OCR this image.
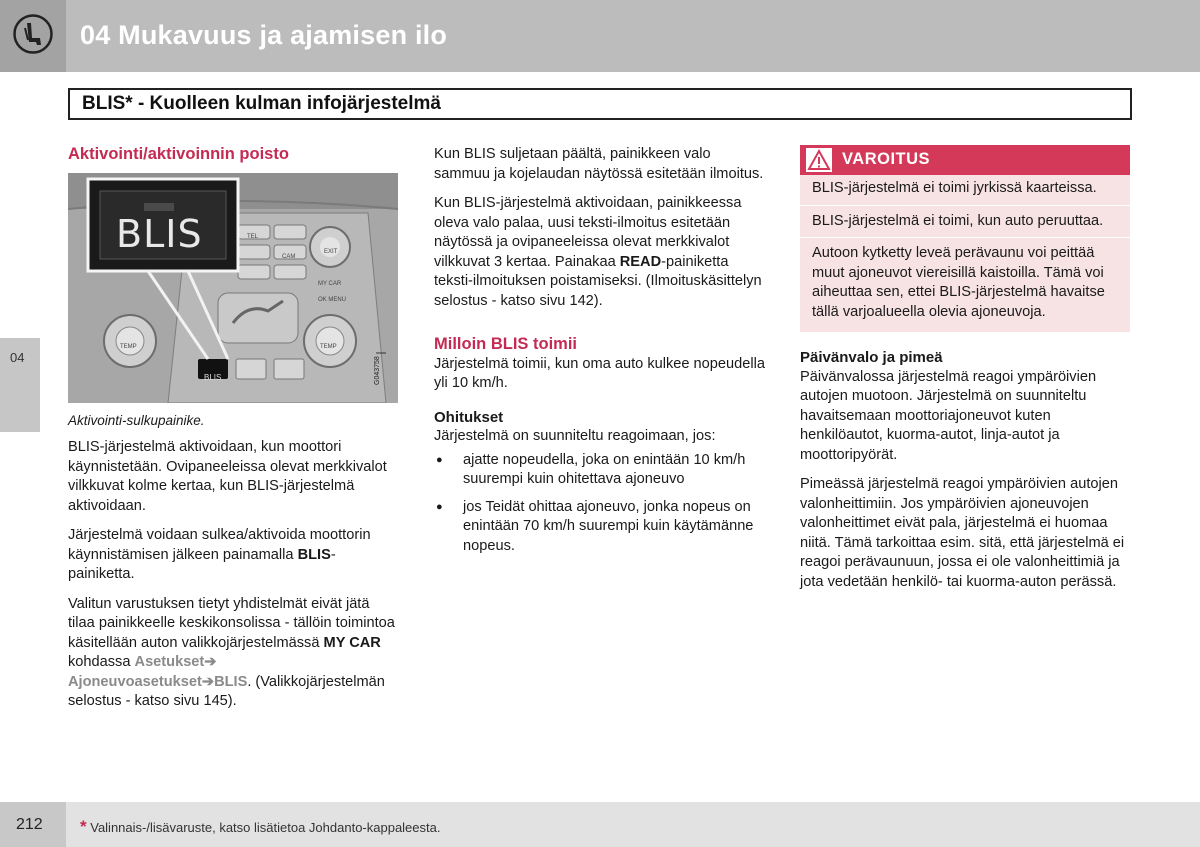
04 Mukavuus ja ajamisen ilo
BLIS* - Kuolleen kulman infojärjestelmä
04
Aktivointi/aktivoinnin poisto
BLIS
BLIS
TEL
CAM
MY CAR
EXIT
OK MENU
TEMP	TEMP
G043758
Aktivointi-sulkupainike.

BLIS-järjestelmä aktivoidaan, kun moottori käynnistetään. Ovipaneeleissa olevat merkkivalot vilkkuvat kolme kertaa, kun BLIS-järjestelmä aktivoidaan.

Järjestelmä voidaan sulkea/aktivoida moottorin käynnistämisen jälkeen painamalla BLIS-painiketta.

Valitun varustuksen tietyt yhdistelmät eivät jätä tilaa painikkeelle keskikonsolissa - tällöin toimintoa käsitellään auton valikkojärjestelmässä MY CAR kohdassa Asetukset➔ Ajoneuvoasetukset➔BLIS. (Valikkojärjestelmän selostus - katso sivu 145).

Kun BLIS suljetaan päältä, painikkeen valo sammuu ja kojelaudan näytössä esitetään ilmoitus.

Kun BLIS-järjestelmä aktivoidaan, painikkeessa oleva valo palaa, uusi teksti-ilmoitus esitetään näytössä ja ovipaneeleissa olevat merkkivalot vilkkuvat 3 kertaa. Painakaa READ-painiketta teksti-ilmoituksen poistamiseksi. (Ilmoituskäsittelyn selostus - katso sivu 142).

Milloin BLIS toimii

Järjestelmä toimii, kun oma auto kulkee nopeudella yli 10 km/h.

Ohitukset

Järjestelmä on suunniteltu reagoimaan, jos:

● ajatte nopeudella, joka on enintään 10 km/h suurempi kuin ohitettava ajoneuvo
● jos Teidät ohittaa ajoneuvo, jonka nopeus on enintään 70 km/h suurempi kuin käytämänne nopeus.
VAROITUS

BLIS-järjestelmä ei toimi jyrkissä kaarteissa.

BLIS-järjestelmä ei toimi, kun auto peruuttaa.

Autoon kytketty leveä perävaunu voi peittää muut ajoneuvot viereisillä kaistoilla. Tämä voi aiheuttaa sen, ettei BLIS-järjestelmä havaitse tällä varjoalueella olevia ajoneuvoja.

Päivänvalo ja pimeä

Päivänvalossa järjestelmä reagoi ympäröivien autojen muotoon. Järjestelmä on suunniteltu havaitsemaan moottoriajoneuvot kuten henkilöautot, kuorma-autot, linja-autot ja moottoripyörät.

Pimeässä järjestelmä reagoi ympäröivien autojen valonheittimiin. Jos ympäröivien ajoneuvojen valonheittimet eivät pala, järjestelmä ei huomaa niitä. Tämä tarkoittaa esim. sitä, että järjestelmä ei reagoi perävaunuun, jossa ei ole valonheittimiä ja jota vedetään henkilö- tai kuorma-auton perässä.

212 * Valinnais-/lisävaruste, katso lisätietoa Johdanto-kappaleesta.
